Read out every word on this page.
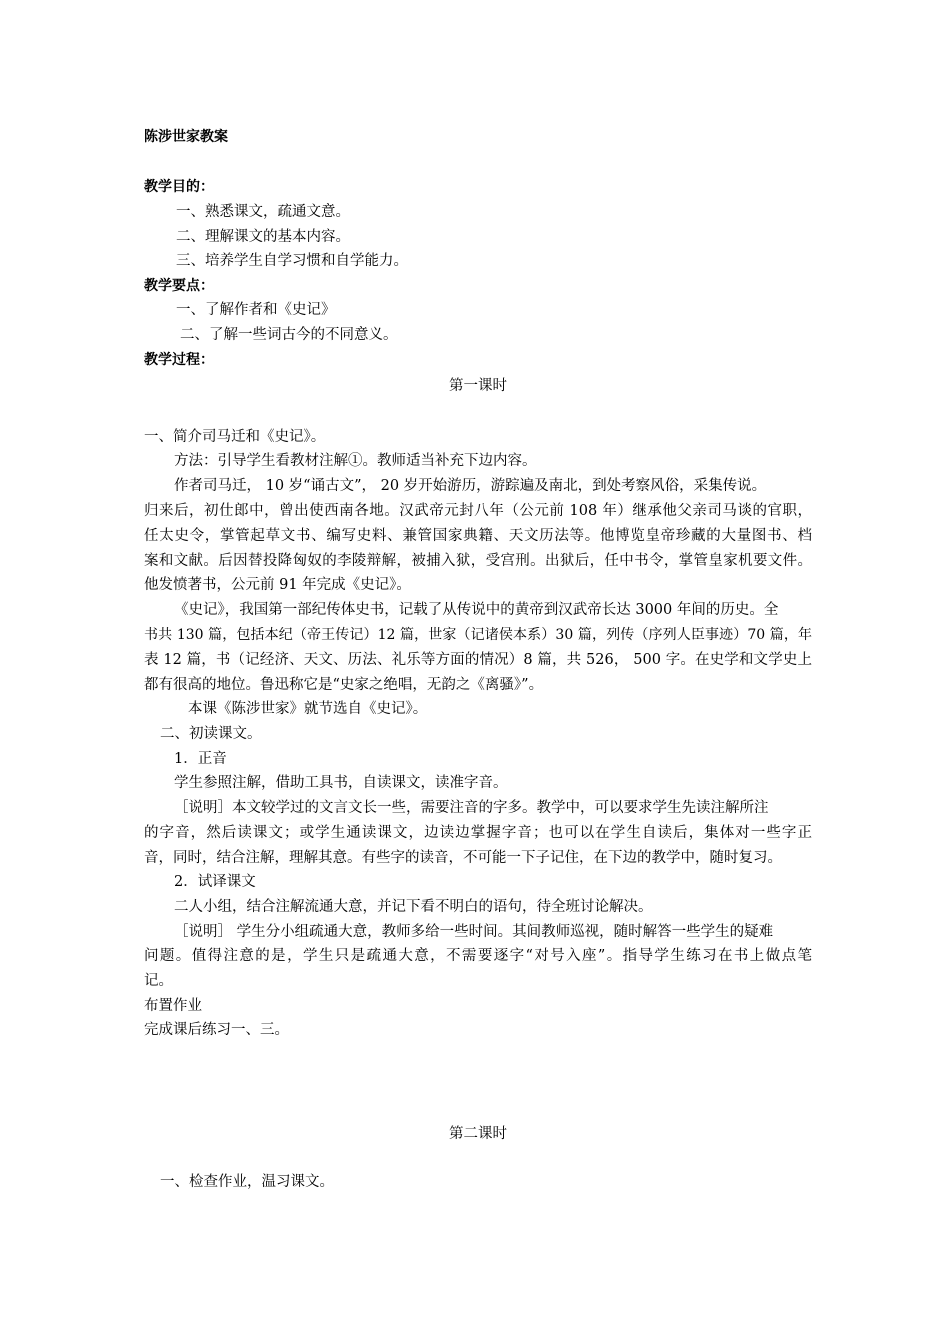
陈涉世家教案
教学目的：
一、熟悉课文，疏通文意。
二、理解课文的基本内容。
三、培养学生自学习惯和自学能力。
教学要点：
一、了解作者和《史记》
二、了解一些词古今的不同意义。
教学过程：
第一课时
一、简介司马迁和《史记》。
方法：引导学生看教材注解①。教师适当补充下边内容。
作者司马迁， 10 岁“诵古文”， 20 岁开始游历，游踪遍及南北，到处考察风俗，采集传说。
归来后，初仕郎中，曾出使西南各地。汉武帝元封八年（公元前 108 年）继承他父亲司马谈的官职，
任太史令，掌管起草文书、编写史料、兼管国家典籍、天文历法等。他博览皇帝珍藏的大量图书、档
案和文献。后因替投降匈奴的李陵辩解，被捕入狱，受宫刑。出狱后，任中书令，掌管皇家机要文件。
他发愤著书，公元前 91 年完成《史记》。
《史记》，我国第一部纪传体史书，记载了从传说中的黄帝到汉武帝长达 3000 年间的历史。全
书共 130 篇，包括本纪（帝王传记）12 篇，世家（记诸侯本系）30 篇，列传（序列人臣事迹）70 篇，年
表 12 篇，书（记经济、天文、历法、礼乐等方面的情况）8 篇，共 526， 500 字。在史学和文学史上
都有很高的地位。鲁迅称它是“史家之绝唱，无韵之《离骚》”。
本课《陈涉世家》就节选自《史记》。
二、初读课文。
1．正音
学生参照注解，借助工具书，自读课文，读准字音。
［说明］本文较学过的文言文长一些，需要注音的字多。教学中，可以要求学生先读注解所注
的字音，然后读课文；或学生通读课文，边读边掌握字音；也可以在学生自读后，集体对一些字正
音，同时，结合注解，理解其意。有些字的读音，不可能一下子记住，在下边的教学中，随时复习。
2．试译课文
二人小组，结合注解流通大意，并记下看不明白的语句，待全班讨论解决。
［说明］ 学生分小组疏通大意，教师多给一些时间。其间教师巡视，随时解答一些学生的疑难
问题。值得注意的是，学生只是疏通大意，不需要逐字“对号入座”。指导学生练习在书上做点笔
记。
布置作业
完成课后练习一、三。
第二课时
一、检查作业，温习课文。
